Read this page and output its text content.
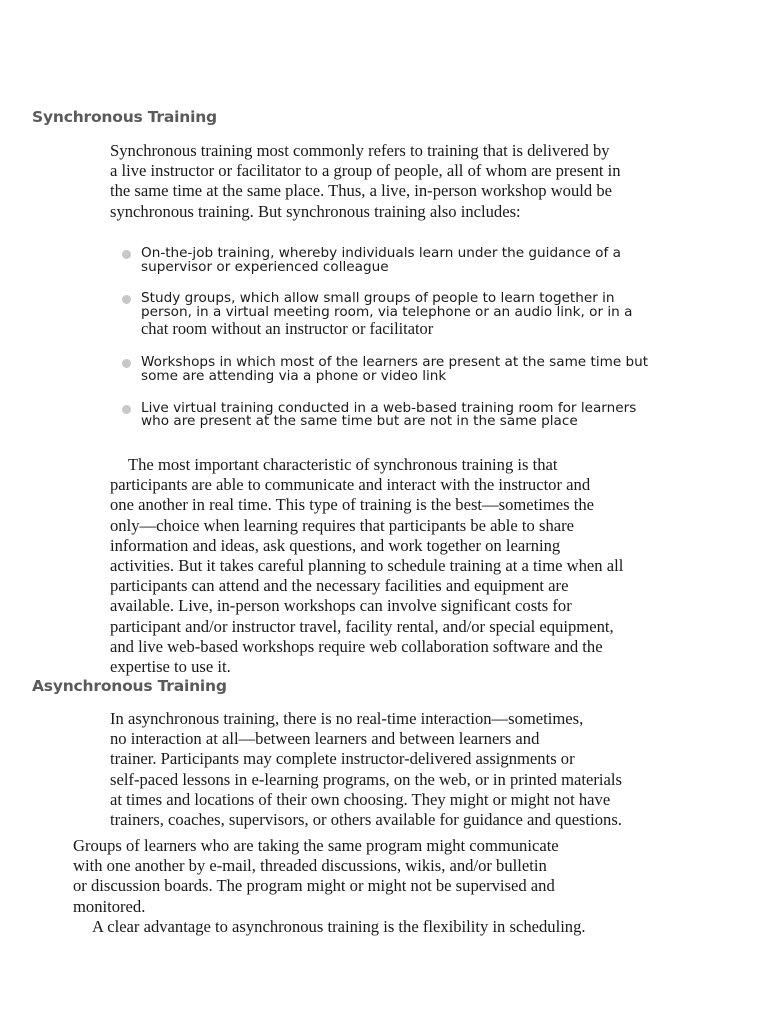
Synchronous Training

Synchronous training most commonly refers to training that is delivered by
a live instructor or facilitator to a group of people, all of whom are present in
the same time at the same place. Thus, a live, in-person workshop would be
synchronous training. But synchronous training also includes:

On-the-job training, whereby individuals learn under the guidance of a
supervisor or experienced colleague
Study groups, which allow small groups of people to learn together in
person, in a virtual meeting room, via telephone or an audio link, or in a
chat room without an instructor or facilitator
Workshops in which most of the learners are present at the same time but
some are attending via a phone or video link
Live virtual training conducted in a web-based training room for learners
who are present at the same time but are not in the same place

The most important characteristic of synchronous training is that
participants are able to communicate and interact with the instructor and
one another in real time. This type of training is the best—sometimes the
only—choice when learning requires that participants be able to share
information and ideas, ask questions, and work together on learning
activities. But it takes careful planning to schedule training at a time when all
participants can attend and the necessary facilities and equipment are
available. Live, in-person workshops can involve significant costs for
participant and/or instructor travel, facility rental, and/or special equipment,
and live web-based workshops require web collaboration software and the
expertise to use it.

Asynchronous Training

In asynchronous training, there is no real-time interaction—sometimes,
no interaction at all—between learners and between learners and
trainer. Participants may complete instructor-delivered assignments or
self-paced lessons in e-learning programs, on the web, or in printed materials
at times and locations of their own choosing. They might or might not have
trainers, coaches, supervisors, or others available for guidance and questions.

Groups of learners who are taking the same program might communicate
with one another by e-mail, threaded discussions, wikis, and/or bulletin
or discussion boards. The program might or might not be supervised and
monitored.

A clear advantage to asynchronous training is the flexibility in scheduling.
